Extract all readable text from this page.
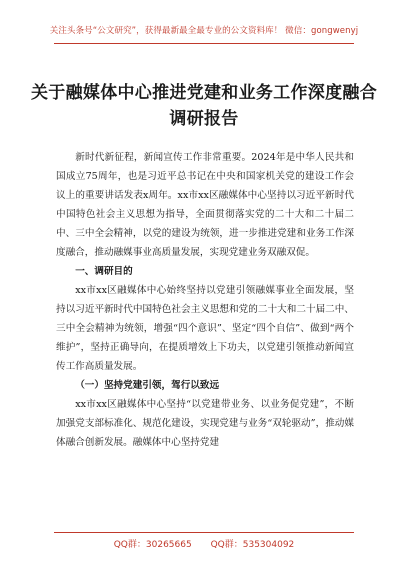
关注头条号“公文研究”，获得最新最全最专业的公文资料库！ 微信：gongwenyj
关于融媒体中心推进党建和业务工作深度融合调研报告

新时代新征程，新闻宣传工作非常重要。2024年是中华人民共和国成立75周年，也是习近平总书记在中央和国家机关党的建设工作会议上的重要讲话发表x周年。xx市xx区融媒体中心坚持以习近平新时代中国特色社会主义思想为指导，全面贯彻落实党的二十大和二十届二中、三中全会精神，以党的建设为统领，进一步推进党建和业务工作深度融合，推动融媒事业高质量发展，实现党建业务双融双促。

一、调研目的

xx市xx区融媒体中心始终坚持以党建引领融媒事业全面发展，坚持以习近平新时代中国特色社会主义思想和党的二十大和二十届二中、三中全会精神为统领，增强“四个意识”、坚定“四个自信”、做到“两个维护”，坚持正确导向，在提质增效上下功夫，以党建引领推动新闻宣传工作高质量发展。

（一）坚持党建引领，驾行以致远

xx市xx区融媒体中心坚持“以党建带业务、以业务促党建”，不断加强党支部标准化、规范化建设，实现党建与业务“双轮驱动”，推动媒体融合创新发展。融媒体中心坚持党建

QQ群：30265665 QQ群：535304092
